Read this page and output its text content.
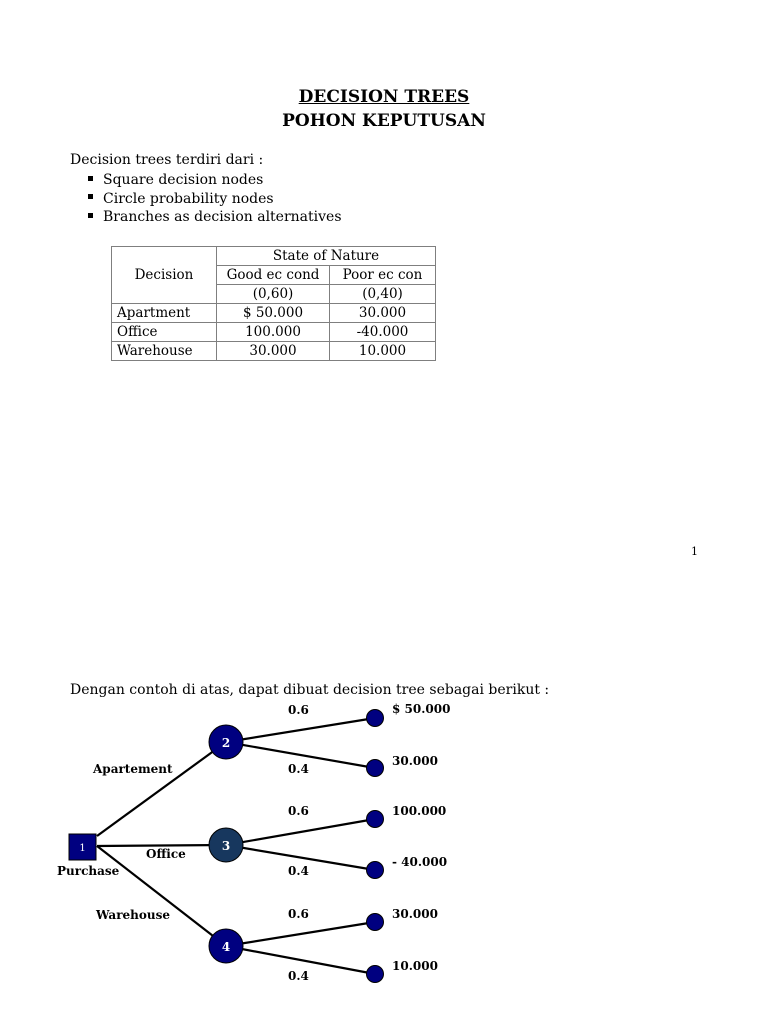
DECISION TREES
POHON KEPUTUSAN
Decision trees terdiri dari :
Square decision nodes
Circle probability nodes
Branches as decision alternatives
Decision	State of Nature	
	Good ec cond	Poor ec con
	(0,60)	(0,40)
Apartment	$ 50.000	30.000
Office	100.000	-40.000
Warehouse	30.000	10.000
1
Dengan contoh di atas, dapat dibuat decision tree sebagai berikut :
1
Purchase
2
3
4
Apartement
Office
Warehouse
0.6
0.4
0.6
0.4
0.6
0.4
$ 50.000
30.000
100.000
- 40.000
30.000
10.000
